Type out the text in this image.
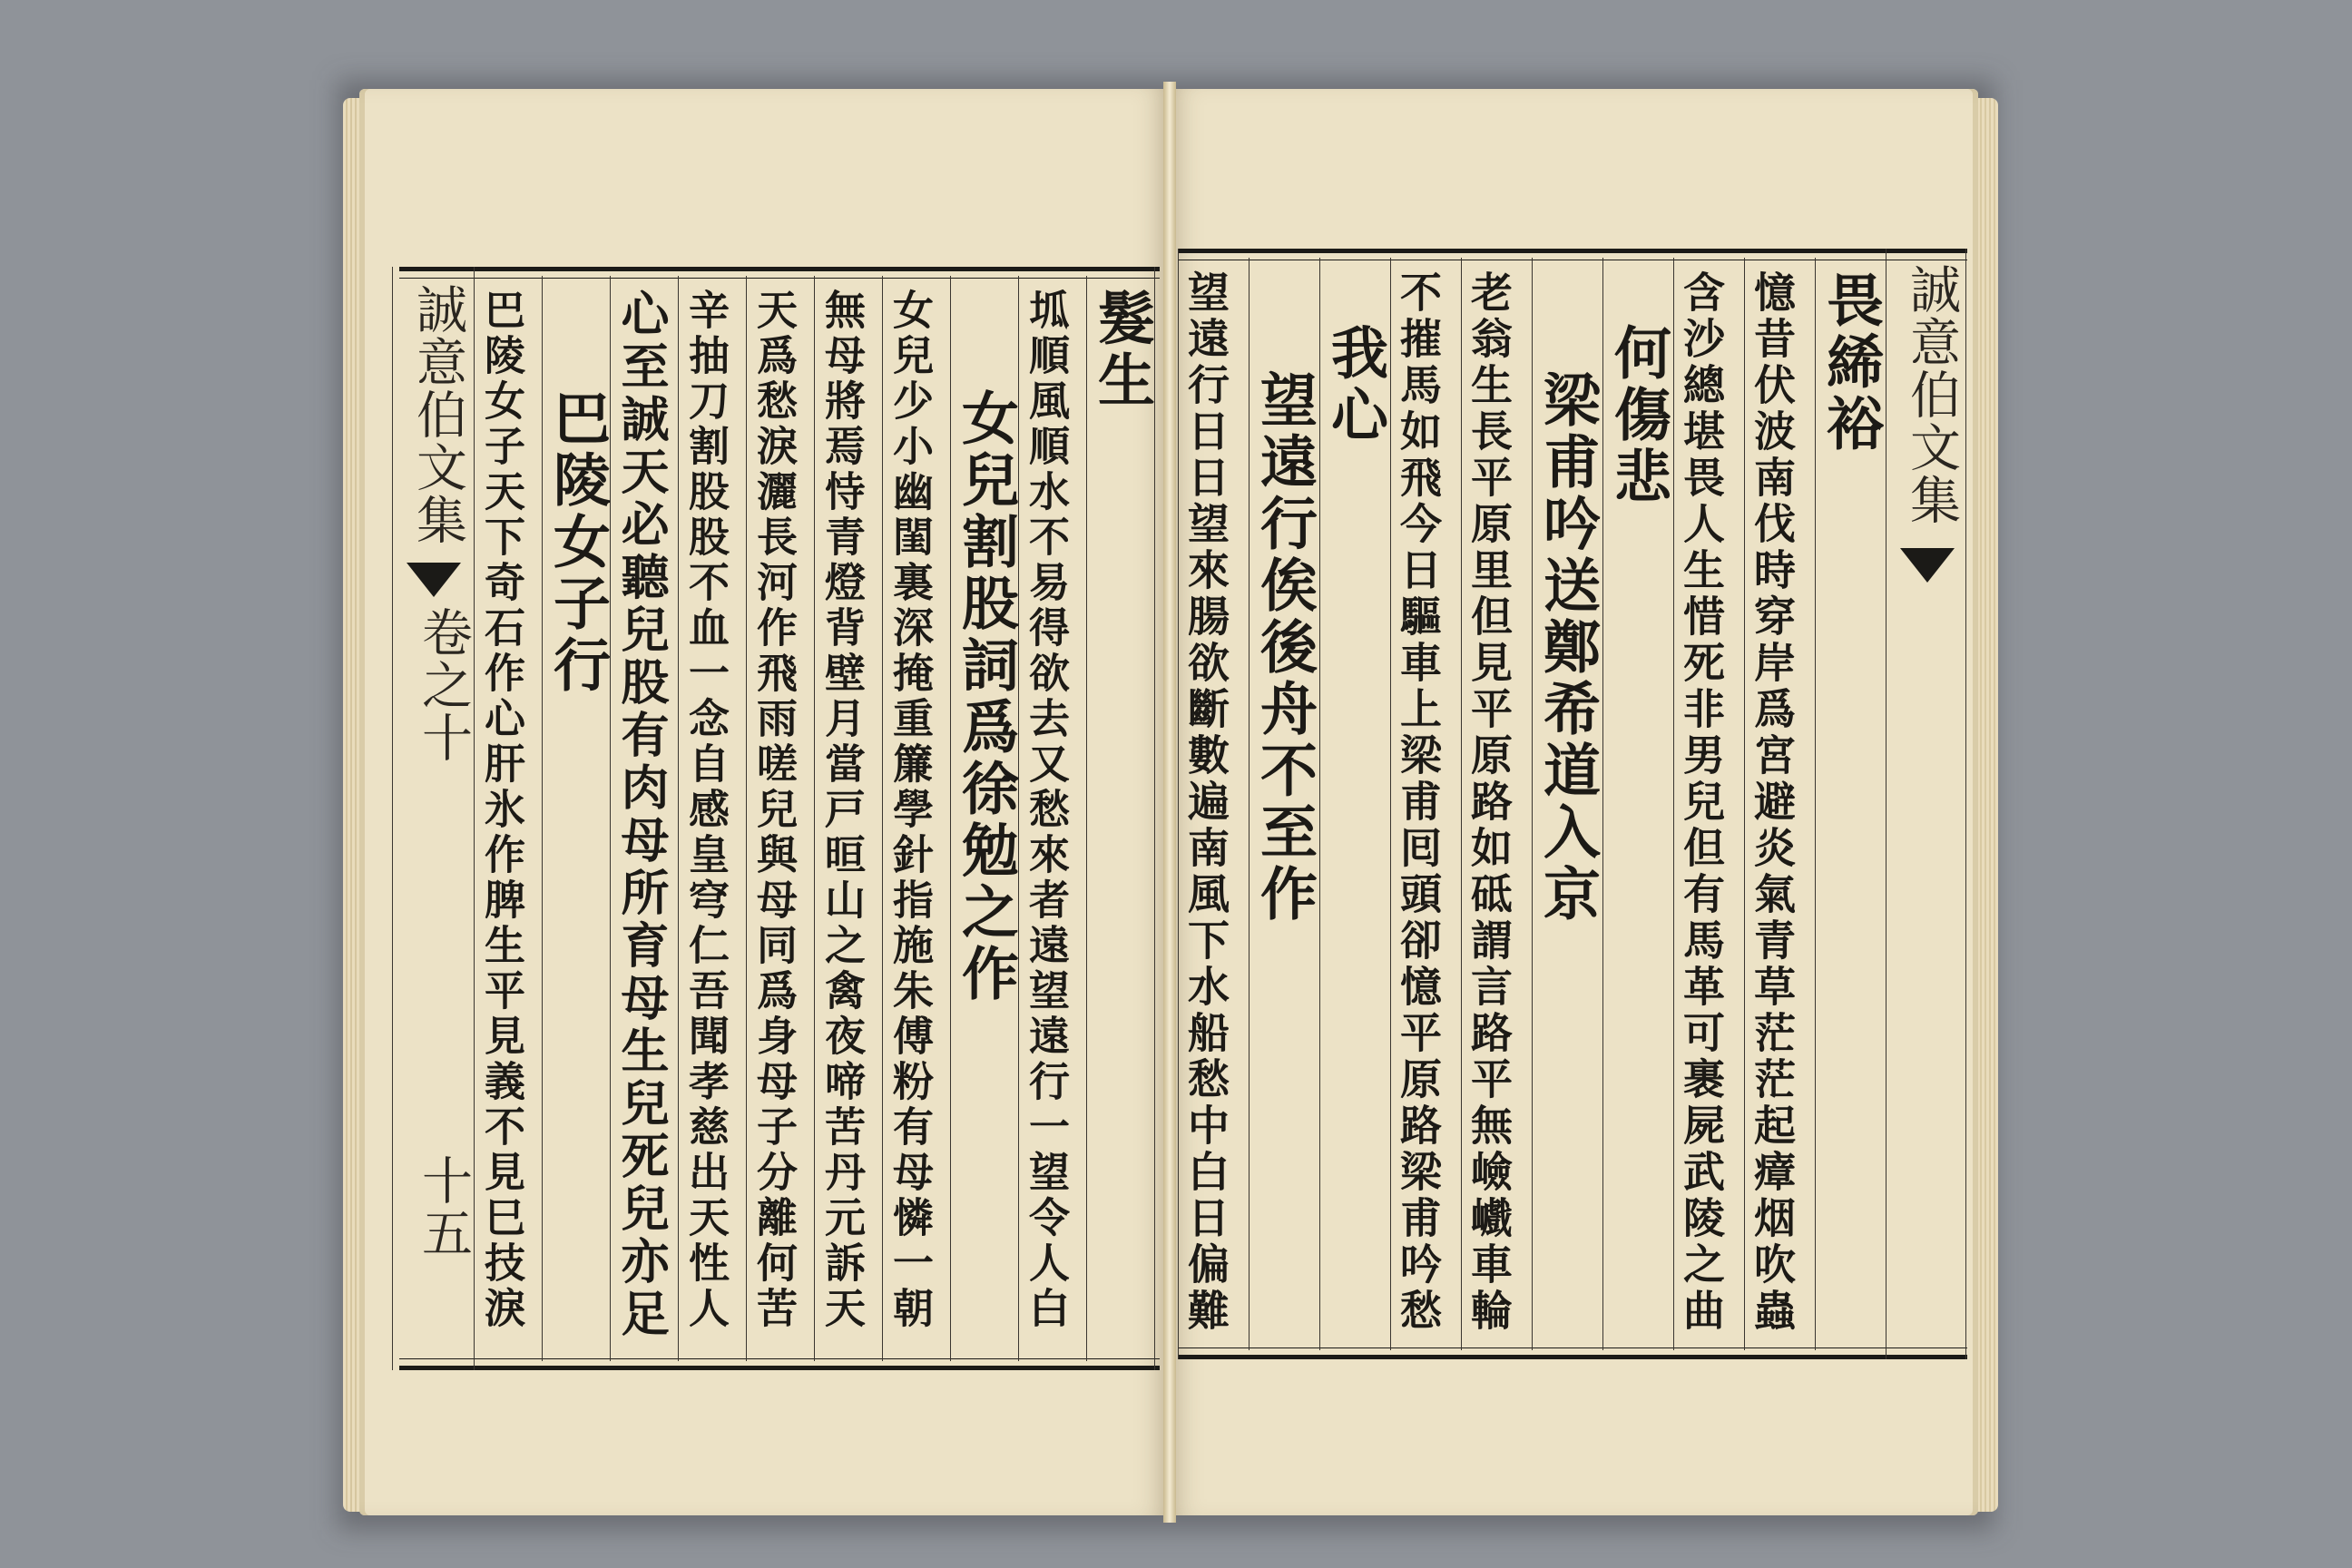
誠意伯文集
卷之十
十五
髮生
坬順風順水不易得欲去又愁來者遠望遠行一望令人白
女兒割股詞爲徐勉之作
女兒少小幽閨裏深掩重簾學針指施朱傅粉有母憐一朝
無母將焉恃青燈背壁月當戸晅山之禽夜啼苦丹元訴天
天爲愁淚灑長河作飛雨嗟兒與母同爲身母子分離何苦
辛抽刀割股股不血一念自感皇穹仁吾聞孝慈出天性人
心至誠天必聽兒股有肉母所育母生兒死兒亦足
巴陵女子行
巴陵女子天下奇石作心肝氷作脾生平見義不見巳技淚	誠意伯文集
畏絺裕
憶昔伏波南伐時穿岸爲宮避炎氣青草茫茫起瘴烟吹蟲
含沙總堪畏人生惜死非男兒但有馬革可裹屍武陵之曲
何傷悲
梁甫吟送鄭希道入京
老翁生長平原里但見平原路如砥謂言路平無嶮巇車輪
不摧馬如飛今日驅車上梁甫囘頭卻憶平原路梁甫吟愁
我心
望遠行俟後舟不至作
望遠行日日望來腸欲斷數遍南風下水船愁中白日偏難
